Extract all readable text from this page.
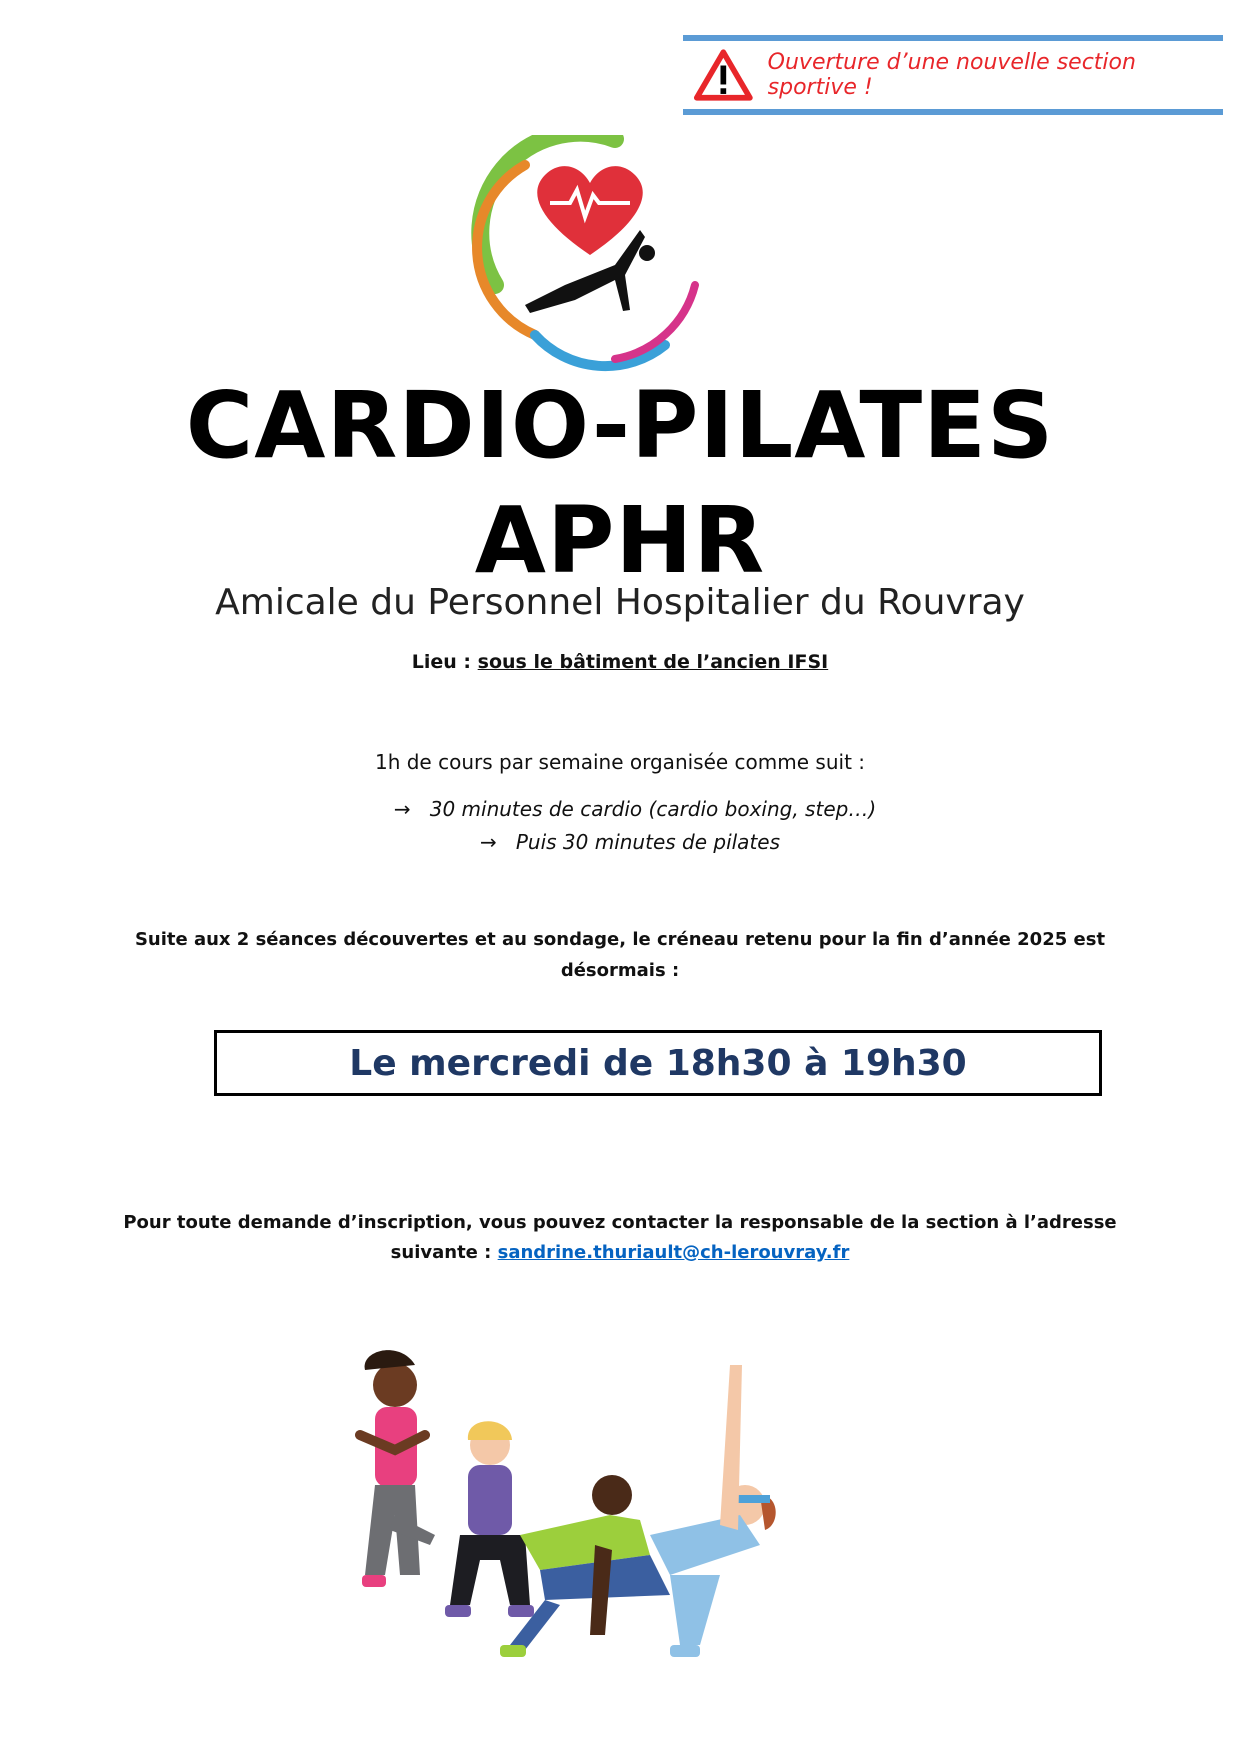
Ouverture d’une nouvelle section sportive !
CARDIO-PILATES
APHR
Amicale du Personnel Hospitalier du Rouvray
Lieu : sous le bâtiment de l’ancien IFSI
1h de cours par semaine organisée comme suit :
→ 30 minutes de cardio (cardio boxing, step…)
→ Puis 30 minutes de pilates
Suite aux 2 séances découvertes et au sondage, le créneau retenu pour la fin d’année 2025 est
désormais :
Le mercredi de 18h30 à 19h30
Pour toute demande d’inscription, vous pouvez contacter la responsable de la section à l’adresse
suivante : sandrine.thuriault@ch-lerouvray.fr
